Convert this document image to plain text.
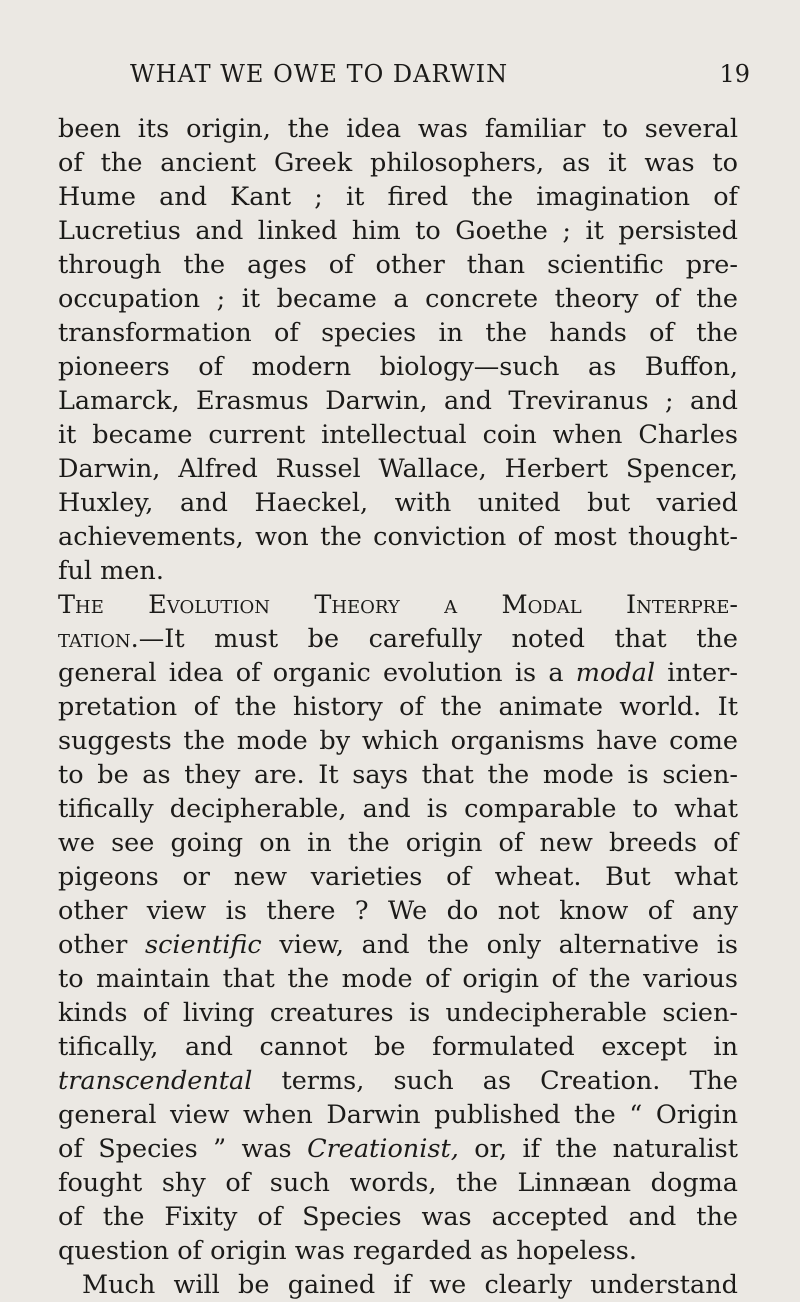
WHAT WE OWE TO DARWIN	19
been its origin, the idea was familiar to several
of the ancient Greek philosophers, as it was to
Hume and Kant ; it fired the imagination of
Lucretius and linked him to Goethe ; it persisted
through the ages of other than scientific pre-
occupation ; it became a concrete theory of the
transformation of species in the hands of the
pioneers of modern biology—such as Buffon,
Lamarck, Erasmus Darwin, and Treviranus ; and
it became current intellectual coin when Charles
Darwin, Alfred Russel Wallace, Herbert Spencer,
Huxley, and Haeckel, with united but varied
achievements, won the conviction of most thought-
ful men.
The Evolution Theory a Modal Interpre-
tation.—It must be carefully noted that the
general idea of organic evolution is a modal inter-
pretation of the history of the animate world. It
suggests the mode by which organisms have come
to be as they are. It says that the mode is scien-
tifically decipherable, and is comparable to what
we see going on in the origin of new breeds of
pigeons or new varieties of wheat. But what
other view is there ? We do not know of any
other scientific view, and the only alternative is
to maintain that the mode of origin of the various
kinds of living creatures is undecipherable scien-
tifically, and cannot be formulated except in
transcendental terms, such as Creation. The
general view when Darwin published the “ Origin
of Species ” was Creationist, or, if the naturalist
fought shy of such words, the Linnæan dogma
of the Fixity of Species was accepted and the
question of origin was regarded as hopeless.
Much will be gained if we clearly understand
